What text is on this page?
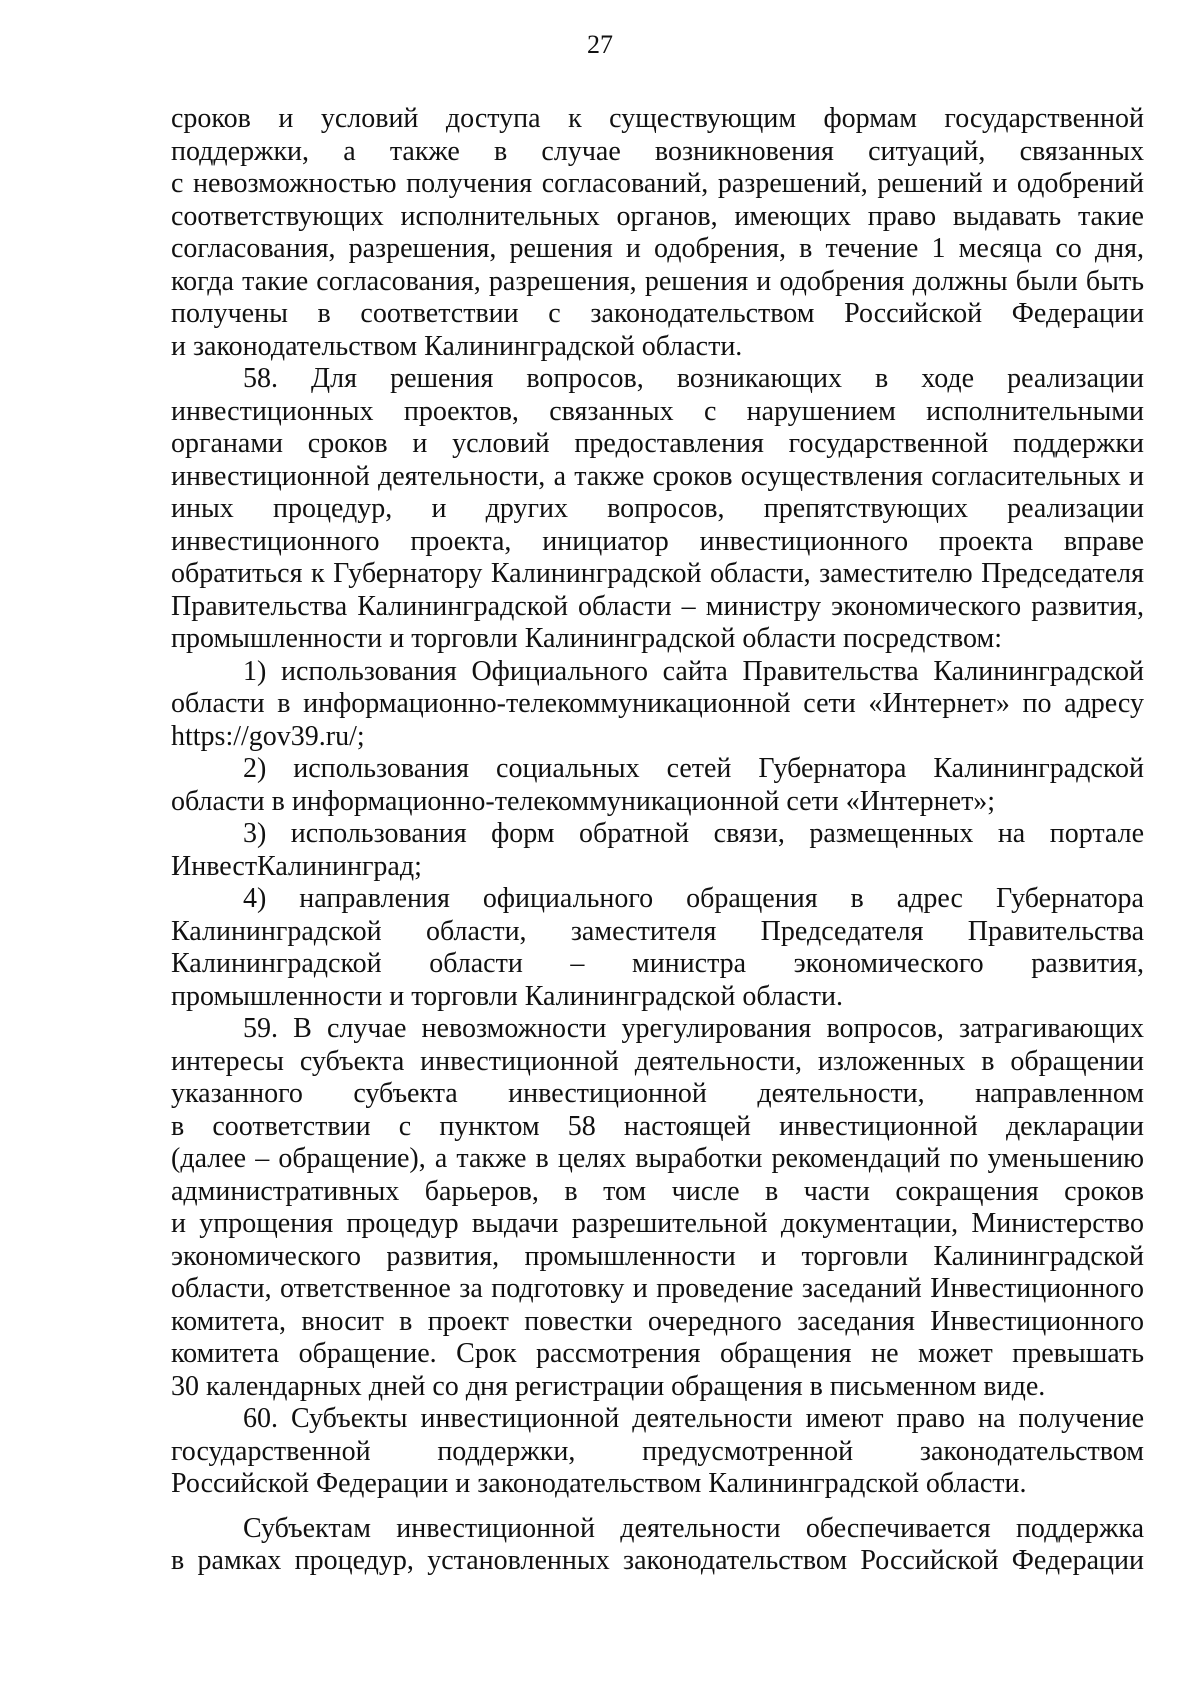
27
сроков и условий доступа к существующим формам государственной
поддержки, а также в случае возникновения ситуаций, связанных
с невозможностью получения согласований, разрешений, решений и одобрений
соответствующих исполнительных органов, имеющих право выдавать такие
согласования, разрешения, решения и одобрения, в течение 1 месяца со дня,
когда такие согласования, разрешения, решения и одобрения должны были быть
получены в соответствии с законодательством Российской Федерации
и законодательством Калининградской области.
58. Для решения вопросов, возникающих в ходе реализации
инвестиционных проектов, связанных с нарушением исполнительными
органами сроков и условий предоставления государственной поддержки
инвестиционной деятельности, а также сроков осуществления согласительных и
иных процедур, и других вопросов, препятствующих реализации
инвестиционного проекта, инициатор инвестиционного проекта вправе
обратиться к Губернатору Калининградской области, заместителю Председателя
Правительства Калининградской области – министру экономического развития,
промышленности и торговли Калининградской области посредством:
1) использования Официального сайта Правительства Калининградской
области в информационно-телекоммуникационной сети «Интернет» по адресу
https://gov39.ru/;
2) использования социальных сетей Губернатора Калининградской
области в информационно-телекоммуникационной сети «Интернет»;
3) использования форм обратной связи, размещенных на портале
ИнвестКалининград;
4) направления официального обращения в адрес Губернатора
Калининградской области, заместителя Председателя Правительства
Калининградской области – министра экономического развития,
промышленности и торговли Калининградской области.
59. В случае невозможности урегулирования вопросов, затрагивающих
интересы субъекта инвестиционной деятельности, изложенных в обращении
указанного субъекта инвестиционной деятельности, направленном
в соответствии с пунктом 58 настоящей инвестиционной декларации
(далее – обращение), а также в целях выработки рекомендаций по уменьшению
административных барьеров, в том числе в части сокращения сроков
и упрощения процедур выдачи разрешительной документации, Министерство
экономического развития, промышленности и торговли Калининградской
области, ответственное за подготовку и проведение заседаний Инвестиционного
комитета, вносит в проект повестки очередного заседания Инвестиционного
комитета обращение. Срок рассмотрения обращения не может превышать
30 календарных дней со дня регистрации обращения в письменном виде.
60. Субъекты инвестиционной деятельности имеют право на получение
государственной поддержки, предусмотренной законодательством
Российской Федерации и законодательством Калининградской области.
Субъектам инвестиционной деятельности обеспечивается поддержка
в рамках процедур, установленных законодательством Российской Федерации
